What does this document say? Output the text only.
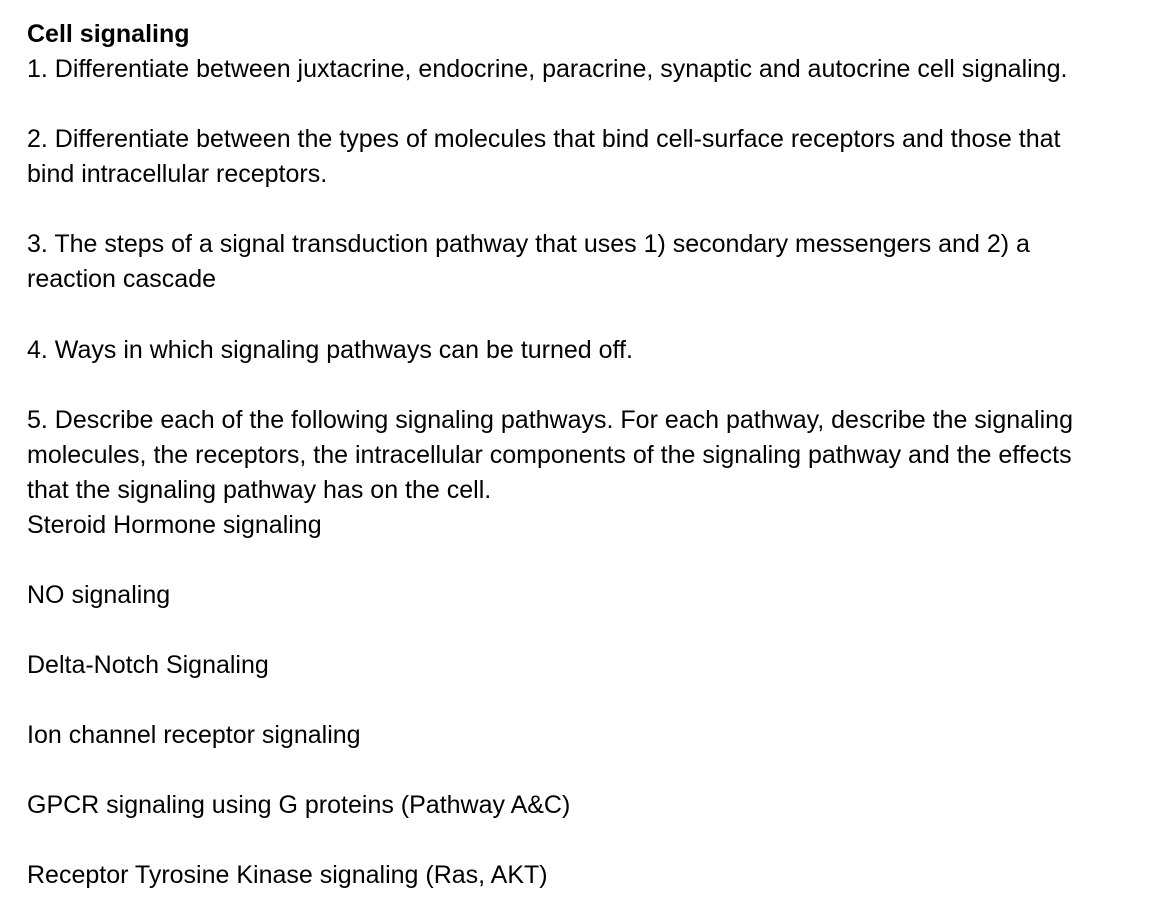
Cell signaling
1. Differentiate between juxtacrine, endocrine, paracrine, synaptic and autocrine cell signaling.
2. Differentiate between the types of molecules that bind cell-surface receptors and those that
bind intracellular receptors.
3. The steps of a signal transduction pathway that uses 1) secondary messengers and 2) a
reaction cascade
4. Ways in which signaling pathways can be turned off.
5. Describe each of the following signaling pathways. For each pathway, describe the signaling
molecules, the receptors, the intracellular components of the signaling pathway and the effects
that the signaling pathway has on the cell.
Steroid Hormone signaling
NO signaling
Delta-Notch Signaling
Ion channel receptor signaling
GPCR signaling using G proteins (Pathway A&C)
Receptor Tyrosine Kinase signaling (Ras, AKT)
